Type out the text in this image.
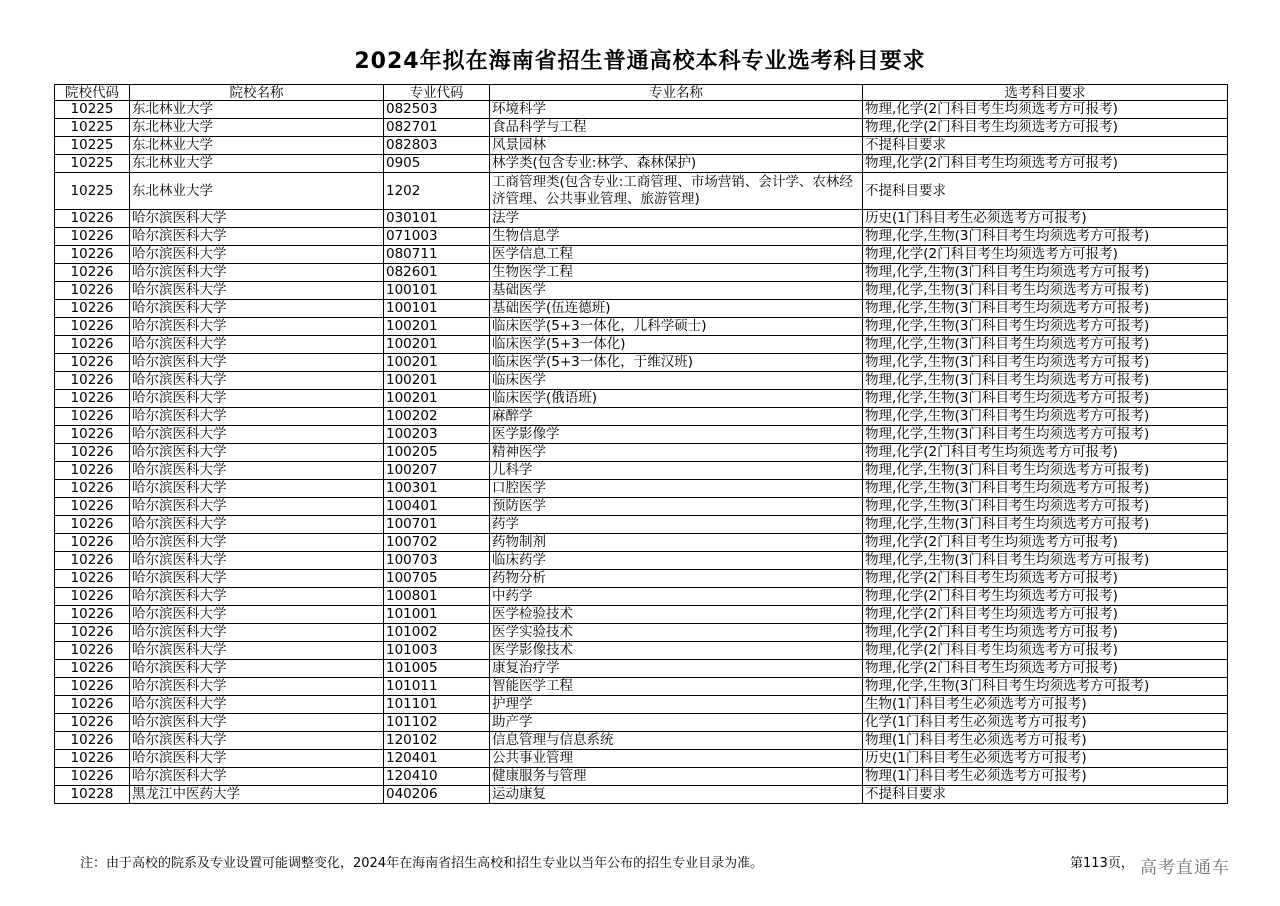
2024年拟在海南省招生普通高校本科专业选考科目要求
院校代码	院校名称	专业代码	专业名称	选考科目要求
10225	东北林业大学	082503	环境科学	物理,化学(2门科目考生均须选考方可报考)
10225	东北林业大学	082701	食品科学与工程	物理,化学(2门科目考生均须选考方可报考)
10225	东北林业大学	082803	风景园林	不提科目要求
10225	东北林业大学	0905	林学类(包含专业:林学、森林保护)	物理,化学(2门科目考生均须选考方可报考)
10225	东北林业大学	1202	工商管理类(包含专业:工商管理、市场营销、会计学、农林经济管理、公共事业管理、旅游管理)	不提科目要求
10226	哈尔滨医科大学	030101	法学	历史(1门科目考生必须选考方可报考)
10226	哈尔滨医科大学	071003	生物信息学	物理,化学,生物(3门科目考生均须选考方可报考)
10226	哈尔滨医科大学	080711	医学信息工程	物理,化学(2门科目考生均须选考方可报考)
10226	哈尔滨医科大学	082601	生物医学工程	物理,化学,生物(3门科目考生均须选考方可报考)
10226	哈尔滨医科大学	100101	基础医学	物理,化学,生物(3门科目考生均须选考方可报考)
10226	哈尔滨医科大学	100101	基础医学(伍连德班)	物理,化学,生物(3门科目考生均须选考方可报考)
10226	哈尔滨医科大学	100201	临床医学(5+3一体化，儿科学硕士)	物理,化学,生物(3门科目考生均须选考方可报考)
10226	哈尔滨医科大学	100201	临床医学(5+3一体化)	物理,化学,生物(3门科目考生均须选考方可报考)
10226	哈尔滨医科大学	100201	临床医学(5+3一体化，于维汉班)	物理,化学,生物(3门科目考生均须选考方可报考)
10226	哈尔滨医科大学	100201	临床医学	物理,化学,生物(3门科目考生均须选考方可报考)
10226	哈尔滨医科大学	100201	临床医学(俄语班)	物理,化学,生物(3门科目考生均须选考方可报考)
10226	哈尔滨医科大学	100202	麻醉学	物理,化学,生物(3门科目考生均须选考方可报考)
10226	哈尔滨医科大学	100203	医学影像学	物理,化学,生物(3门科目考生均须选考方可报考)
10226	哈尔滨医科大学	100205	精神医学	物理,化学(2门科目考生均须选考方可报考)
10226	哈尔滨医科大学	100207	儿科学	物理,化学,生物(3门科目考生均须选考方可报考)
10226	哈尔滨医科大学	100301	口腔医学	物理,化学,生物(3门科目考生均须选考方可报考)
10226	哈尔滨医科大学	100401	预防医学	物理,化学,生物(3门科目考生均须选考方可报考)
10226	哈尔滨医科大学	100701	药学	物理,化学,生物(3门科目考生均须选考方可报考)
10226	哈尔滨医科大学	100702	药物制剂	物理,化学(2门科目考生均须选考方可报考)
10226	哈尔滨医科大学	100703	临床药学	物理,化学,生物(3门科目考生均须选考方可报考)
10226	哈尔滨医科大学	100705	药物分析	物理,化学(2门科目考生均须选考方可报考)
10226	哈尔滨医科大学	100801	中药学	物理,化学(2门科目考生均须选考方可报考)
10226	哈尔滨医科大学	101001	医学检验技术	物理,化学(2门科目考生均须选考方可报考)
10226	哈尔滨医科大学	101002	医学实验技术	物理,化学(2门科目考生均须选考方可报考)
10226	哈尔滨医科大学	101003	医学影像技术	物理,化学(2门科目考生均须选考方可报考)
10226	哈尔滨医科大学	101005	康复治疗学	物理,化学(2门科目考生均须选考方可报考)
10226	哈尔滨医科大学	101011	智能医学工程	物理,化学,生物(3门科目考生均须选考方可报考)
10226	哈尔滨医科大学	101101	护理学	生物(1门科目考生必须选考方可报考)
10226	哈尔滨医科大学	101102	助产学	化学(1门科目考生必须选考方可报考)
10226	哈尔滨医科大学	120102	信息管理与信息系统	物理(1门科目考生必须选考方可报考)
10226	哈尔滨医科大学	120401	公共事业管理	历史(1门科目考生必须选考方可报考)
10226	哈尔滨医科大学	120410	健康服务与管理	物理(1门科目考生必须选考方可报考)
10228	黑龙江中医药大学	040206	运动康复	不提科目要求
注：由于高校的院系及专业设置可能调整变化，2024年在海南省招生高校和招生专业以当年公布的招生专业目录为准。	第113页， 高考直通车
